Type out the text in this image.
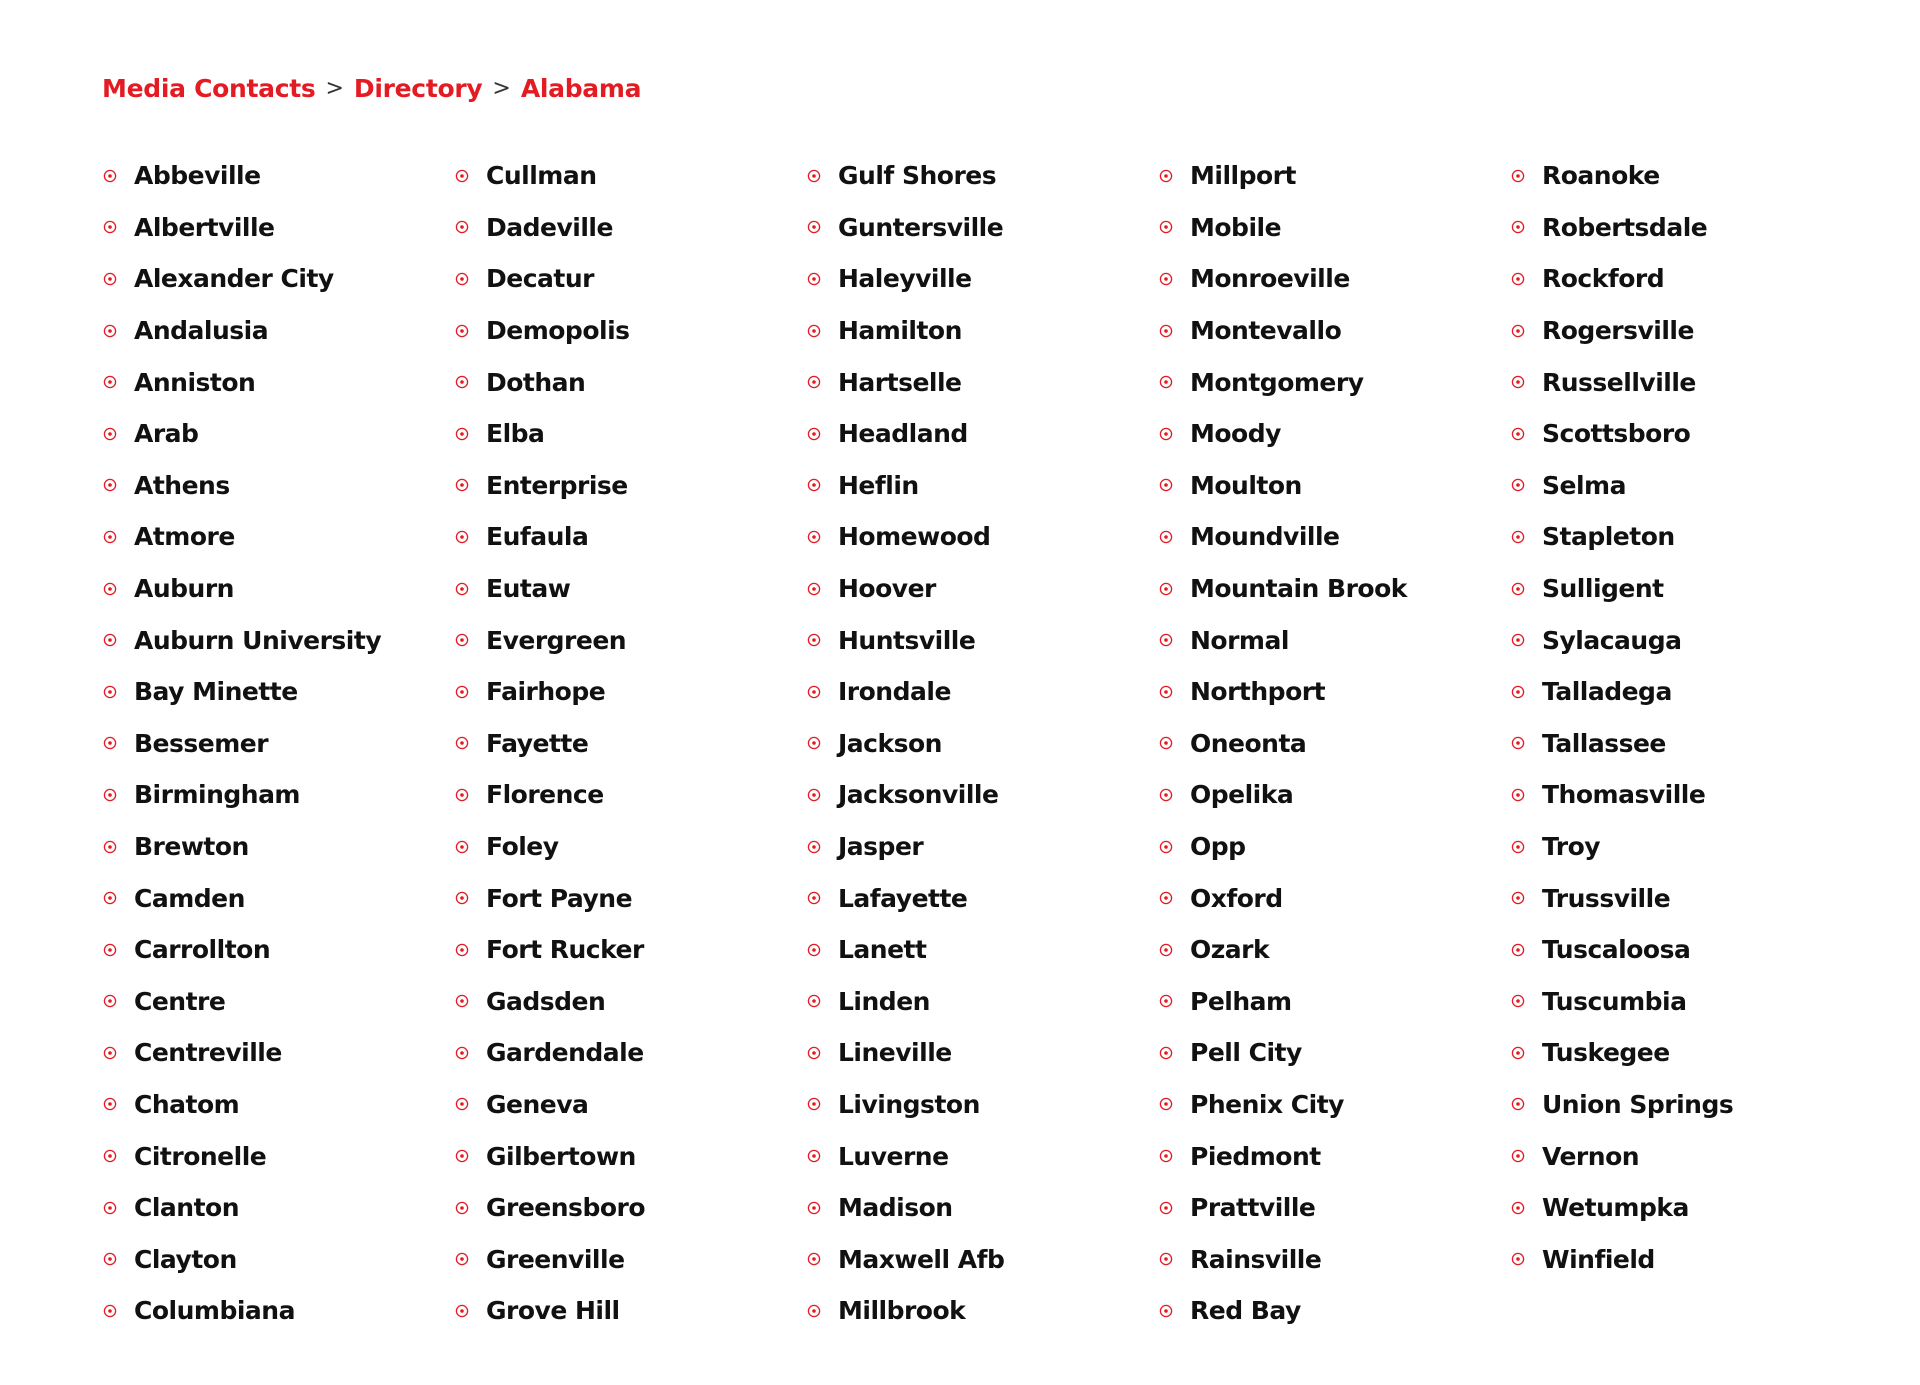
Media Contacts > Directory > Alabama
Abbeville
Albertville
Alexander City
Andalusia
Anniston
Arab
Athens
Atmore
Auburn
Auburn University
Bay Minette
Bessemer
Birmingham
Brewton
Camden
Carrollton
Centre
Centreville
Chatom
Citronelle
Clanton
Clayton
Columbiana
Cullman
Dadeville
Decatur
Demopolis
Dothan
Elba
Enterprise
Eufaula
Eutaw
Evergreen
Fairhope
Fayette
Florence
Foley
Fort Payne
Fort Rucker
Gadsden
Gardendale
Geneva
Gilbertown
Greensboro
Greenville
Grove Hill
Gulf Shores
Guntersville
Haleyville
Hamilton
Hartselle
Headland
Heflin
Homewood
Hoover
Huntsville
Irondale
Jackson
Jacksonville
Jasper
Lafayette
Lanett
Linden
Lineville
Livingston
Luverne
Madison
Maxwell Afb
Millbrook
Millport
Mobile
Monroeville
Montevallo
Montgomery
Moody
Moulton
Moundville
Mountain Brook
Normal
Northport
Oneonta
Opelika
Opp
Oxford
Ozark
Pelham
Pell City
Phenix City
Piedmont
Prattville
Rainsville
Red Bay
Roanoke
Robertsdale
Rockford
Rogersville
Russellville
Scottsboro
Selma
Stapleton
Sulligent
Sylacauga
Talladega
Tallassee
Thomasville
Troy
Trussville
Tuscaloosa
Tuscumbia
Tuskegee
Union Springs
Vernon
Wetumpka
Winfield
